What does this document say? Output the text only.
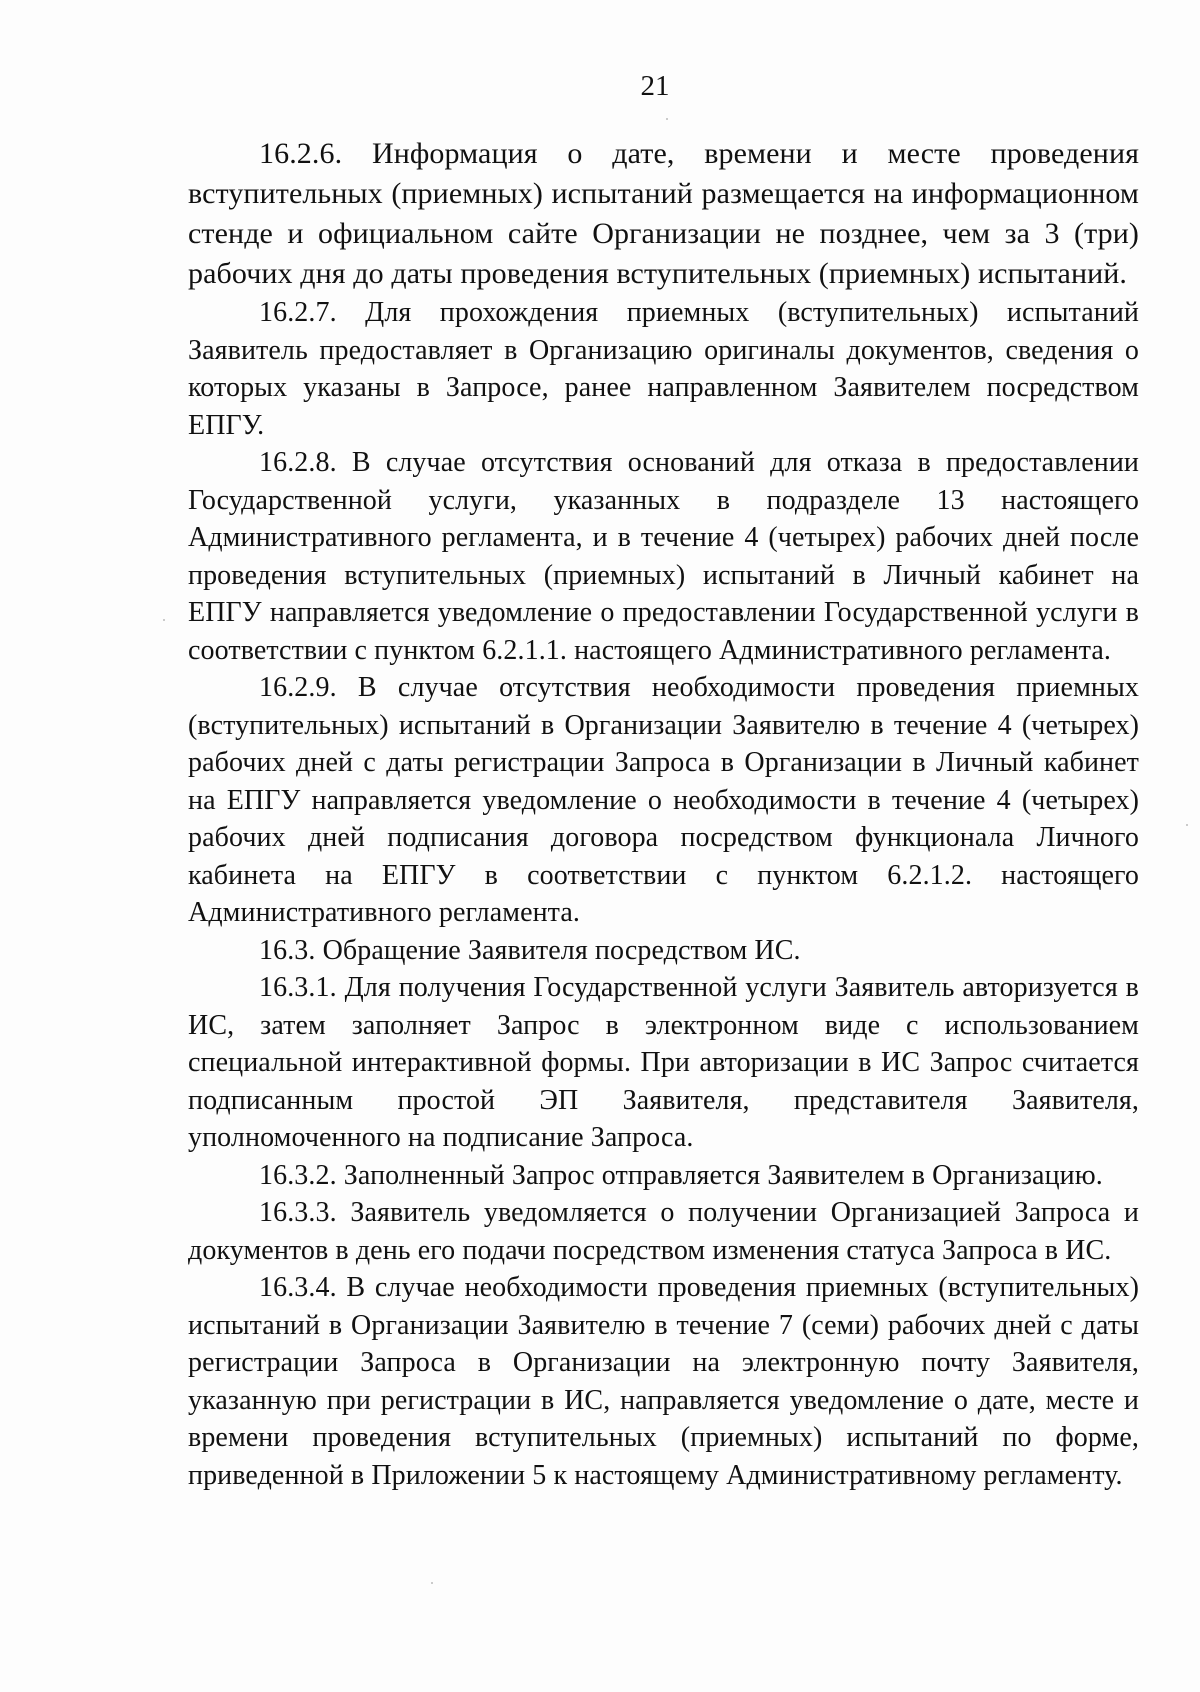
21

16.2.6. Информация о дате, времени и месте проведения вступительных (приемных) испытаний размещается на информационном стенде и официальном сайте Организации не позднее, чем за 3 (три) рабочих дня до даты проведения вступительных (приемных) испытаний.

16.2.7. Для прохождения приемных (вступительных) испытаний Заявитель предоставляет в Организацию оригиналы документов, сведения о которых указаны в Запросе, ранее направленном Заявителем посредством ЕПГУ.

16.2.8. В случае отсутствия оснований для отказа в предоставлении Государственной услуги, указанных в подразделе 13 настоящего Административного регламента, и в течение 4 (четырех) рабочих дней после проведения вступительных (приемных) испытаний в Личный кабинет на ЕПГУ направляется уведомление о предоставлении Государственной услуги в соответствии с пунктом 6.2.1.1. настоящего Административного регламента.

16.2.9. В случае отсутствия необходимости проведения приемных (вступительных) испытаний в Организации Заявителю в течение 4 (четырех) рабочих дней с даты регистрации Запроса в Организации в Личный кабинет на ЕПГУ направляется уведомление о необходимости в течение 4 (четырех) рабочих дней подписания договора посредством функционала Личного кабинета на ЕПГУ в соответствии с пунктом 6.2.1.2. настоящего Административного регламента.

16.3. Обращение Заявителя посредством ИС.

16.3.1. Для получения Государственной услуги Заявитель авторизуется в ИС, затем заполняет Запрос в электронном виде с использованием специальной интерактивной формы. При авторизации в ИС Запрос считается подписанным простой ЭП Заявителя, представителя Заявителя, уполномоченного на подписание Запроса.

16.3.2. Заполненный Запрос отправляется Заявителем в Организацию.

16.3.3. Заявитель уведомляется о получении Организацией Запроса и документов в день его подачи посредством изменения статуса Запроса в ИС.

16.3.4. В случае необходимости проведения приемных (вступительных) испытаний в Организации Заявителю в течение 7 (семи) рабочих дней с даты регистрации Запроса в Организации на электронную почту Заявителя, указанную при регистрации в ИС, направляется уведомление о дате, месте и времени проведения вступительных (приемных) испытаний по форме, приведенной в Приложении 5 к настоящему Административному регламенту.
